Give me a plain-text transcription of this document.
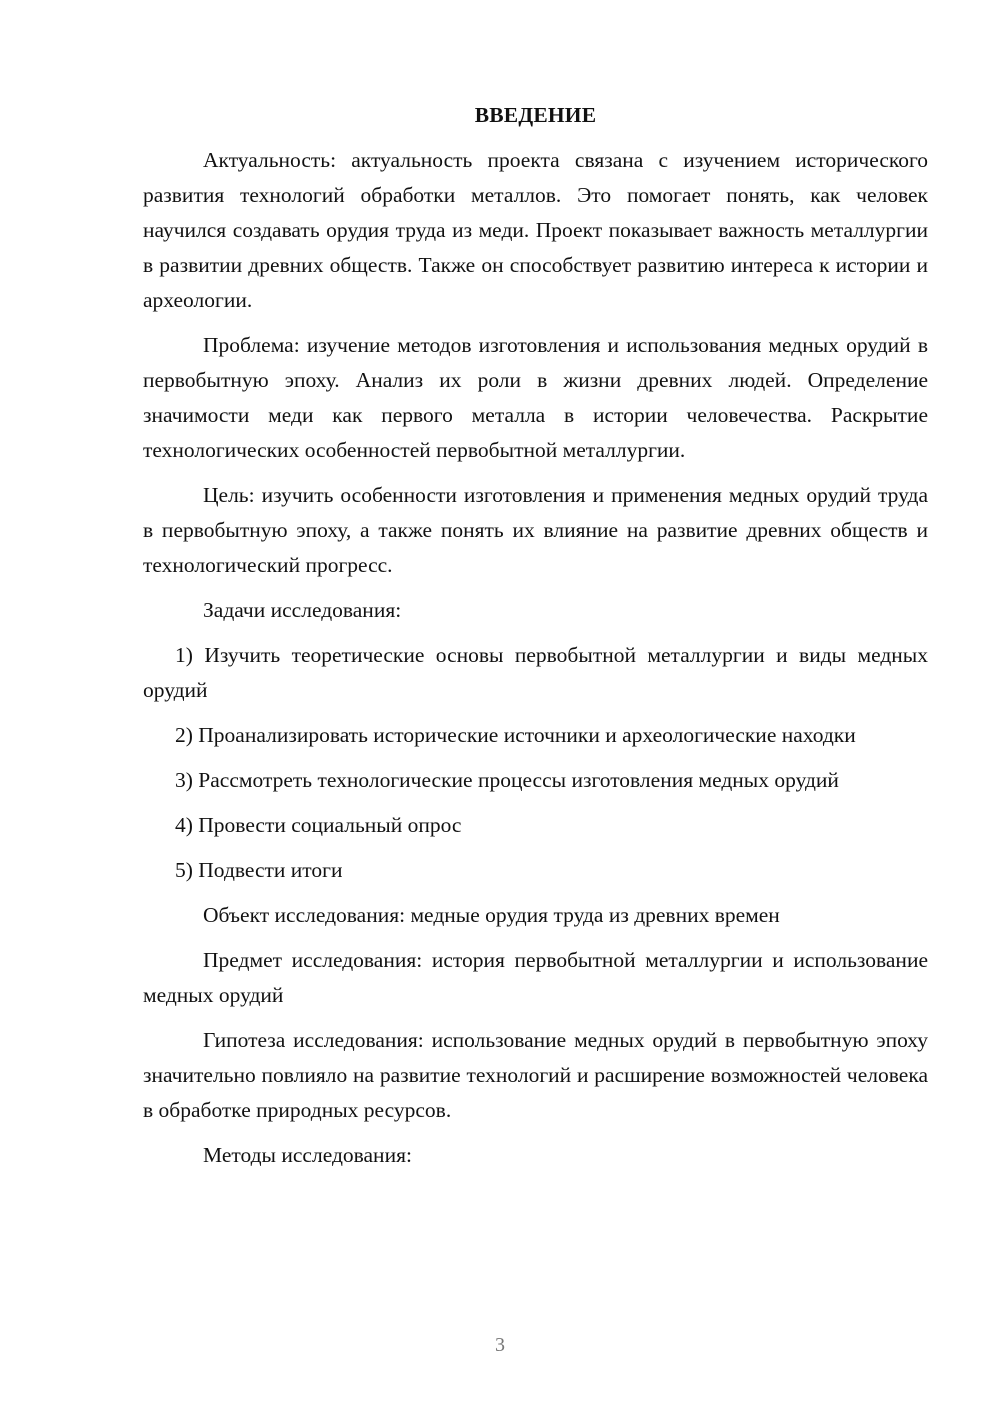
ВВЕДЕНИЕ

Актуальность: актуальность проекта связана с изучением исторического развития технологий обработки металлов. Это помогает понять, как человек научился создавать орудия труда из меди. Проект показывает важность металлургии в развитии древних обществ. Также он способствует развитию интереса к истории и археологии.

Проблема: изучение методов изготовления и использования медных орудий в первобытную эпоху. Анализ их роли в жизни древних людей. Определение значимости меди как первого металла в истории человечества. Раскрытие технологических особенностей первобытной металлургии.

Цель: изучить особенности изготовления и применения медных орудий труда в первобытную эпоху, а также понять их влияние на развитие древних обществ и технологический прогресс.

Задачи исследования:

1) Изучить теоретические основы первобытной металлургии и виды медных орудий

2) Проанализировать исторические источники и археологические находки

3) Рассмотреть технологические процессы изготовления медных орудий

4) Провести социальный опрос

5) Подвести итоги

Объект исследования: медные орудия труда из древних времен

Предмет исследования: история первобытной металлургии и использование медных орудий

Гипотеза исследования: использование медных орудий в первобытную эпоху значительно повлияло на развитие технологий и расширение возможностей человека в обработке природных ресурсов.

Методы исследования:

3
